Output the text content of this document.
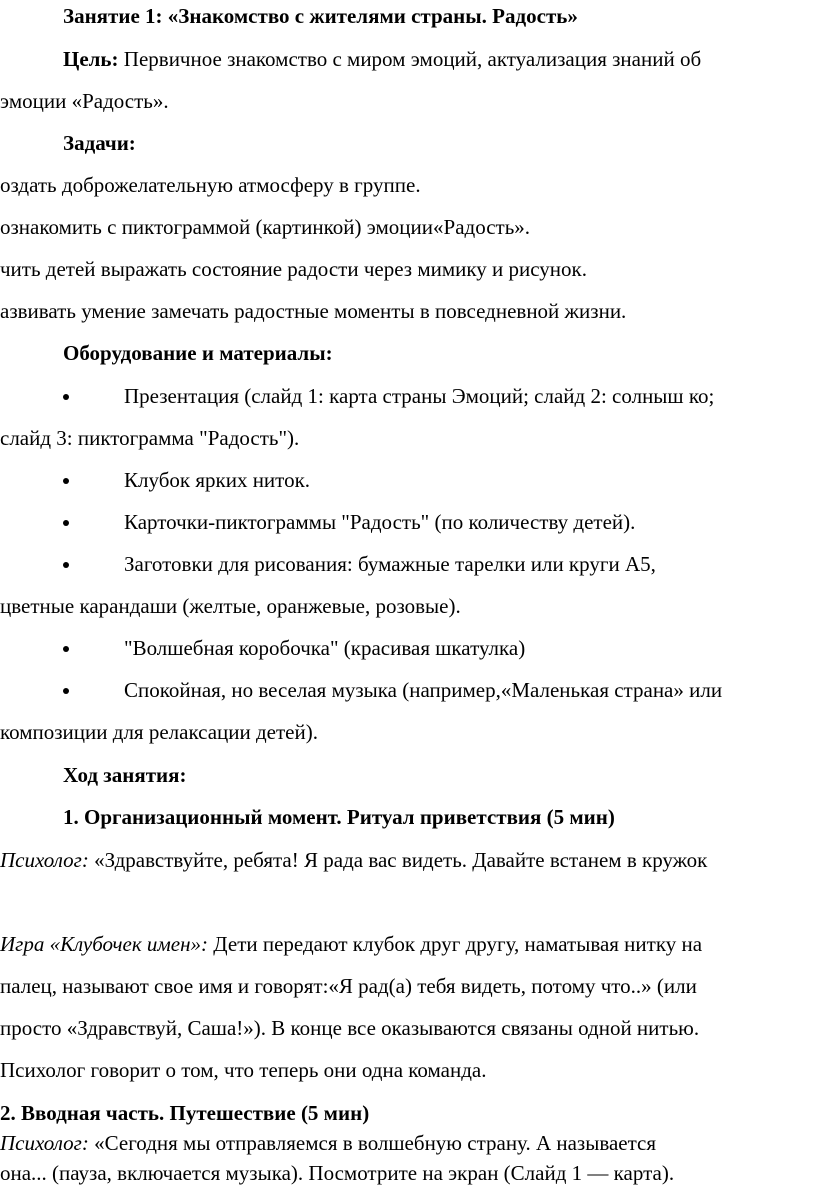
Занятие 1: «Знакомство с жителями страны. Радость»
Цель: Первичное знакомство с миром эмоций, актуализация знаний об
эмоции «Радость».
Задачи:
оздать доброжелательную атмосферу в группе.
ознакомить с пиктограммой (картинкой) эмоции«Радость».
чить детей выражать состояние радости через мимику и рисунок.
азвивать умение замечать радостные моменты в повседневной жизни.
Оборудование и материалы:
Презентация (слайд 1: карта страны Эмоций; слайд 2: солныш ко;
слайд 3: пиктограмма "Радость").
Клубок ярких ниток.
Карточки-пиктограммы "Радость" (по количеству детей).
Заготовки для рисования: бумажные тарелки или круги А5,
цветные карандаши (желтые, оранжевые, розовые).
"Волшебная коробочка" (красивая шкатулка)
Спокойная, но веселая музыка (например,«Маленькая страна» или
композиции для релаксации детей).
Ход занятия:
1. Организационный момент. Ритуал приветствия (5 мин)
Психолог: «Здравствуйте, ребята! Я рада вас видеть. Давайте встанем в кружок
Игра «Клубочек имен»: Дети передают клубок друг другу, наматывая нитку на
палец, называют свое имя и говорят:«Я рад(а) тебя видеть, потому что..» (или
просто «Здравствуй, Саша!»). В конце все оказываются связаны одной нитью.
Психолог говорит о том, что теперь они одна команда.
2. Вводная часть. Путешествие (5 мин)
Психолог: «Сегодня мы отправляемся в волшебную страну. А называется
она... (пауза, включается музыка). Посмотрите на экран (Слайд 1 — карта).
